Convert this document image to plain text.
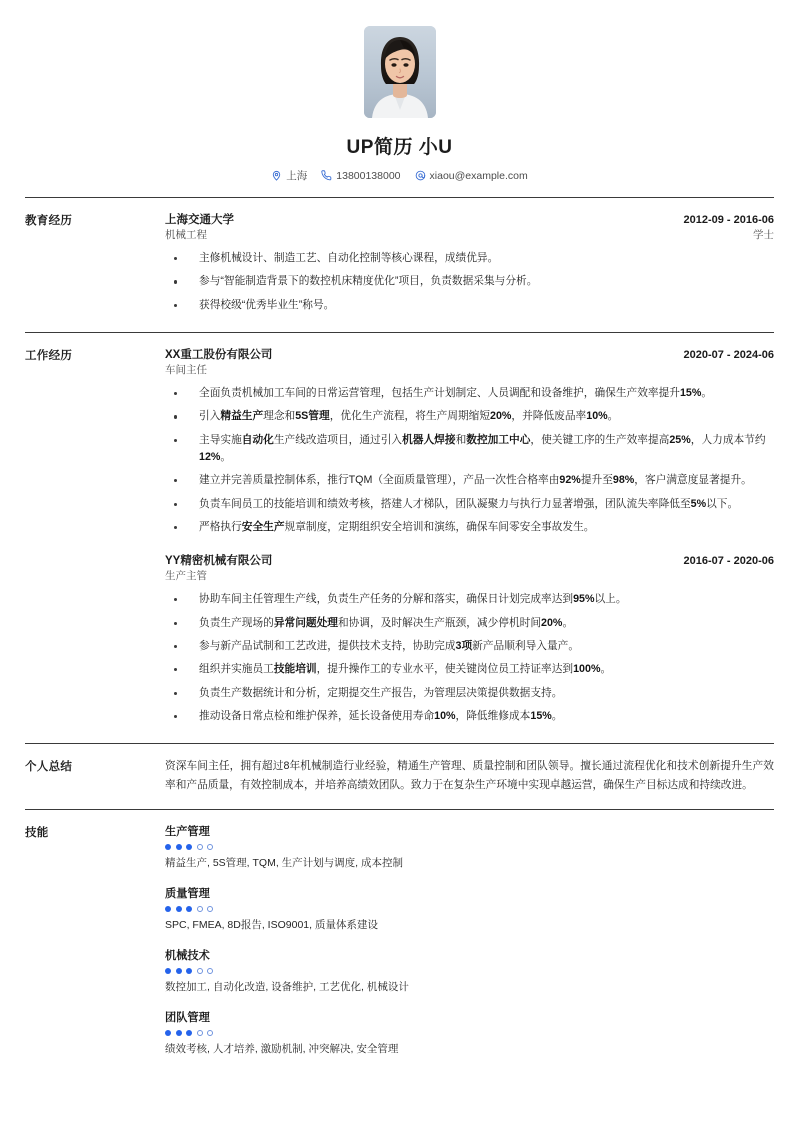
UP简历 小U
上海	13800138000	xiaou@example.com
教育经历	上海交通大学	2012-09 - 2016-06
机械工程	学士
主修机械设计、制造工艺、自动化控制等核心课程，成绩优异。
参与“智能制造背景下的数控机床精度优化”项目，负责数据采集与分析。
获得校级“优秀毕业生”称号。
工作经历	XX重工股份有限公司	2020-07 - 2024-06
车间主任
全面负责机械加工车间的日常运营管理，包括生产计划制定、人员调配和设备维护，确保生产效率提升15%。
引入精益生产理念和5S管理，优化生产流程，将生产周期缩短20%，并降低废品率10%。
主导实施自动化生产线改造项目，通过引入机器人焊接和数控加工中心，使关键工序的生产效率提高25%，人力成本节约12%。
建立并完善质量控制体系，推行TQM（全面质量管理），产品一次性合格率由92%提升至98%，客户满意度显著提升。
负责车间员工的技能培训和绩效考核，搭建人才梯队，团队凝聚力与执行力显著增强，团队流失率降低至5%以下。
严格执行安全生产规章制度，定期组织安全培训和演练，确保车间零安全事故发生。
YY精密机械有限公司	2016-07 - 2020-06
生产主管
协助车间主任管理生产线，负责生产任务的分解和落实，确保日计划完成率达到95%以上。
负责生产现场的异常问题处理和协调，及时解决生产瓶颈，减少停机时间20%。
参与新产品试制和工艺改进，提供技术支持，协助完成3项新产品顺利导入量产。
组织并实施员工技能培训，提升操作工的专业水平，使关键岗位员工持证率达到100%。
负责生产数据统计和分析，定期提交生产报告，为管理层决策提供数据支持。
推动设备日常点检和维护保养，延长设备使用寿命10%，降低维修成本15%。
个人总结	资深车间主任，拥有超过8年机械制造行业经验，精通生产管理、质量控制和团队领导。擅长通过流程优化和技术创新提升生产效率和产品质量，有效控制成本，并培养高绩效团队。致力于在复杂生产环境中实现卓越运营，确保生产目标达成和持续改进。
技能	生产管理
精益生产, 5S管理, TQM, 生产计划与调度, 成本控制
质量管理
SPC, FMEA, 8D报告, ISO9001, 质量体系建设
机械技术
数控加工, 自动化改造, 设备维护, 工艺优化, 机械设计
团队管理
绩效考核, 人才培养, 激励机制, 冲突解决, 安全管理
